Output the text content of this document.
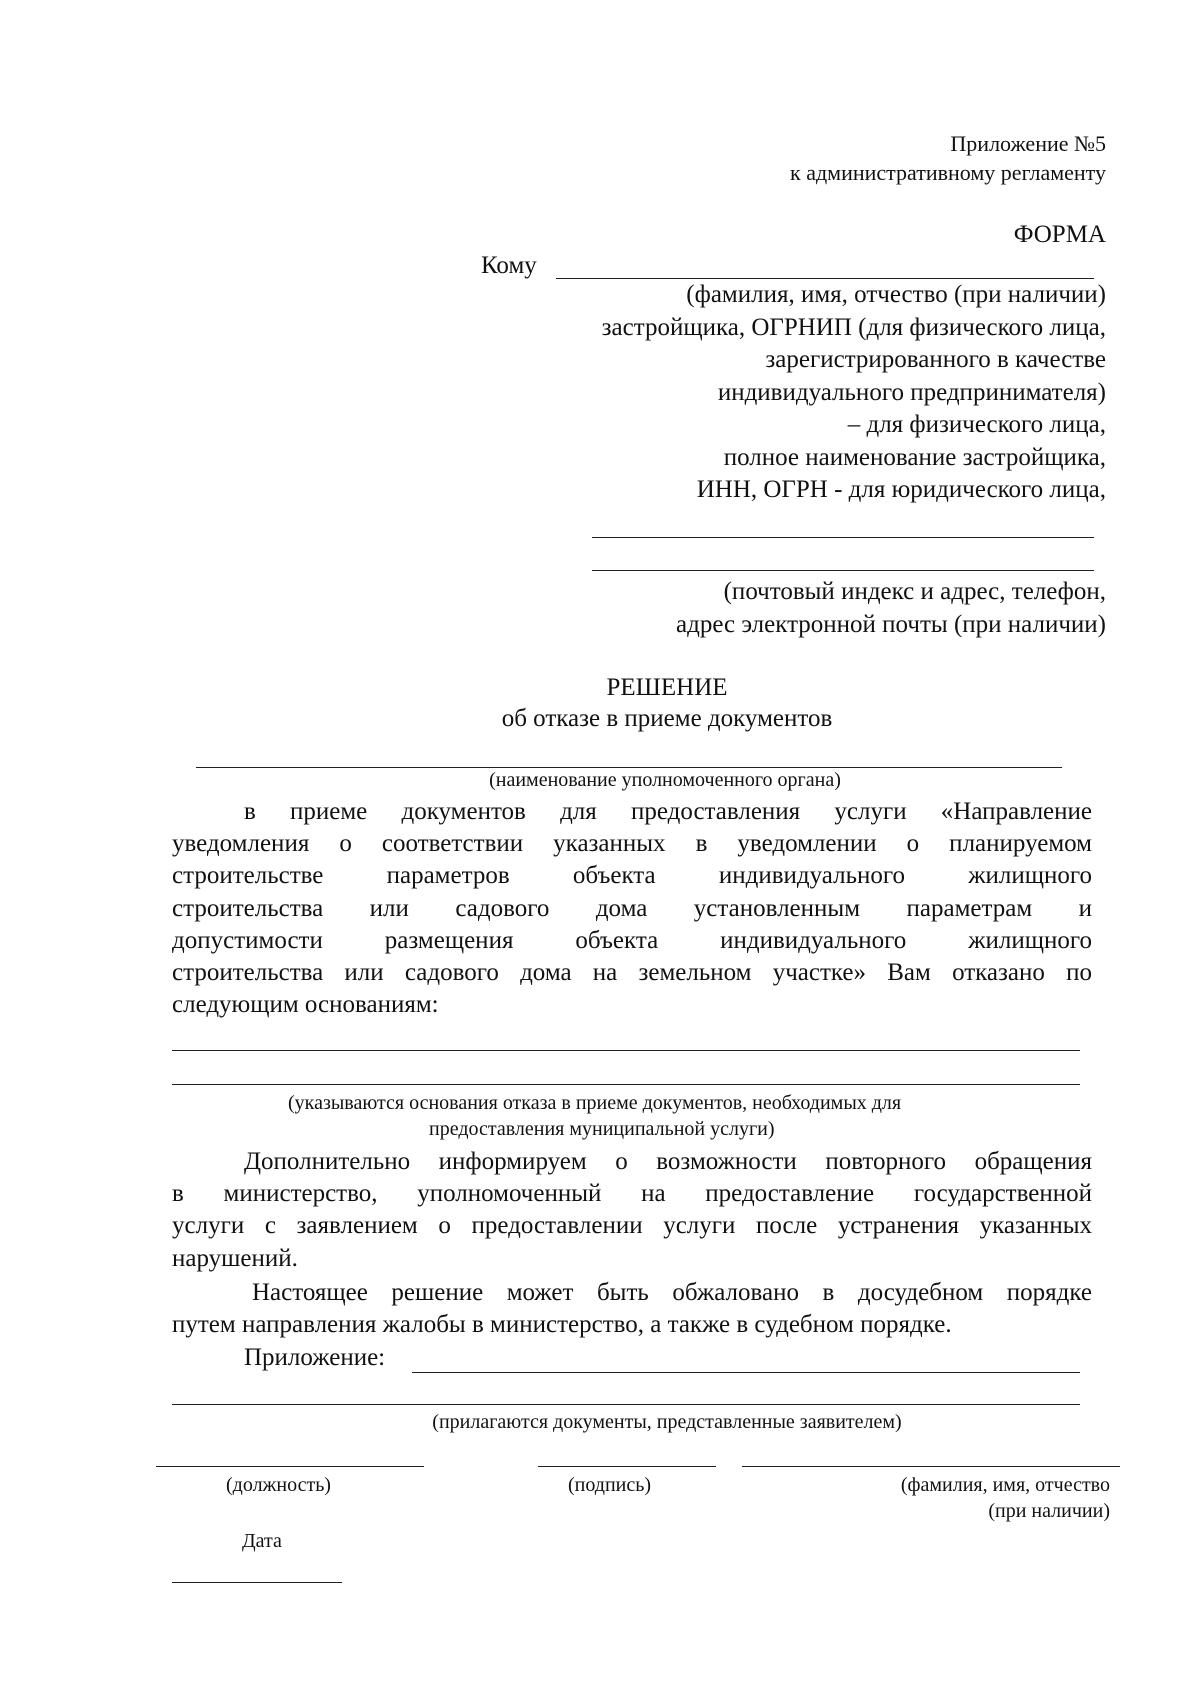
Приложение №5

к административному регламенту

ФОРМА

Кому

(фамилия, имя, отчество (при наличии)
застройщика, ОГРНИП (для физического лица,
зарегистрированного в качестве
индивидуального предпринимателя)
– для физического лица,
полное наименование застройщика,
ИНН, ОГРН - для юридического лица,
(почтовый индекс и адрес, телефон,
адрес электронной почты (при наличии)

РЕШЕНИЕ

об отказе в приеме документов

(наименование уполномоченного органа)

в приеме документов для предоставления услуги «Направление
уведомления о соответствии указанных в уведомлении о планируемом
строительстве параметров объекта индивидуального жилищного
строительства или садового дома установленным параметрам и
допустимости размещения объекта индивидуального жилищного
строительства или садового дома на земельном участке» Вам отказано по
следующим основаниям:
(указываются основания отказа в приеме документов, необходимых для
предоставления муниципальной услуги)
Дополнительно информируем о возможности повторного обращения
в министерство, уполномоченный на предоставление государственной
услуги с заявлением о предоставлении услуги после устранения указанных
нарушений.
Настоящее решение может быть обжаловано в досудебном порядке
путем направления жалобы в министерство, а также в судебном порядке.

Приложение:

(прилагаются документы, представленные заявителем)

(должность)	(подпись)	(фамилия, имя, отчество
(при наличии)

Дата
